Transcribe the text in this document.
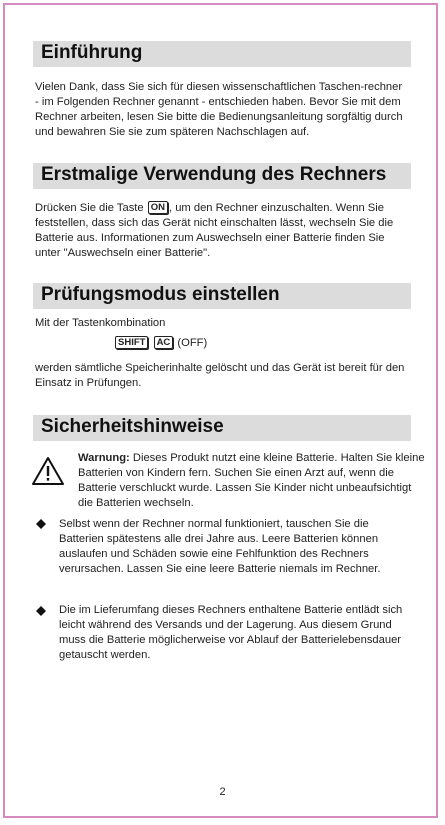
Einführung
Vielen Dank, dass Sie sich für diesen wissenschaftlichen Taschen-rechner - im Folgenden Rechner genannt - entschieden haben. Bevor Sie mit dem Rechner arbeiten, lesen Sie bitte die Bedienungsanleitung sorgfältig durch und bewahren Sie sie zum späteren Nachschlagen auf.
Erstmalige Verwendung des Rechners
Drücken Sie die Taste ON , um den Rechner einzuschalten. Wenn Sie feststellen, dass sich das Gerät nicht einschalten lässt, wechseln Sie die Batterie aus. Informationen zum Auswechseln einer Batterie finden Sie unter "Auswechseln einer Batterie".
Prüfungsmodus einstellen
Mit der Tastenkombination
SHIFT AC (OFF)
werden sämtliche Speicherinhalte gelöscht und das Gerät ist bereit für den Einsatz in Prüfungen.
Sicherheitshinweise
Warnung: Dieses Produkt nutzt eine kleine Batterie. Halten Sie kleine Batterien von Kindern fern. Suchen Sie einen Arzt auf, wenn die Batterie verschluckt wurde. Lassen Sie Kinder nicht unbeaufsichtigt die Batterien wechseln.
Selbst wenn der Rechner normal funktioniert, tauschen Sie die Batterien spätestens alle drei Jahre aus. Leere Batterien können auslaufen und Schäden sowie eine Fehlfunktion des Rechners verursachen. Lassen Sie eine leere Batterie niemals im Rechner.
Die im Lieferumfang dieses Rechners enthaltene Batterie entlädt sich leicht während des Versands und der Lagerung. Aus diesem Grund muss die Batterie möglicherweise vor Ablauf der Batterielebensdauer getauscht werden.
2
